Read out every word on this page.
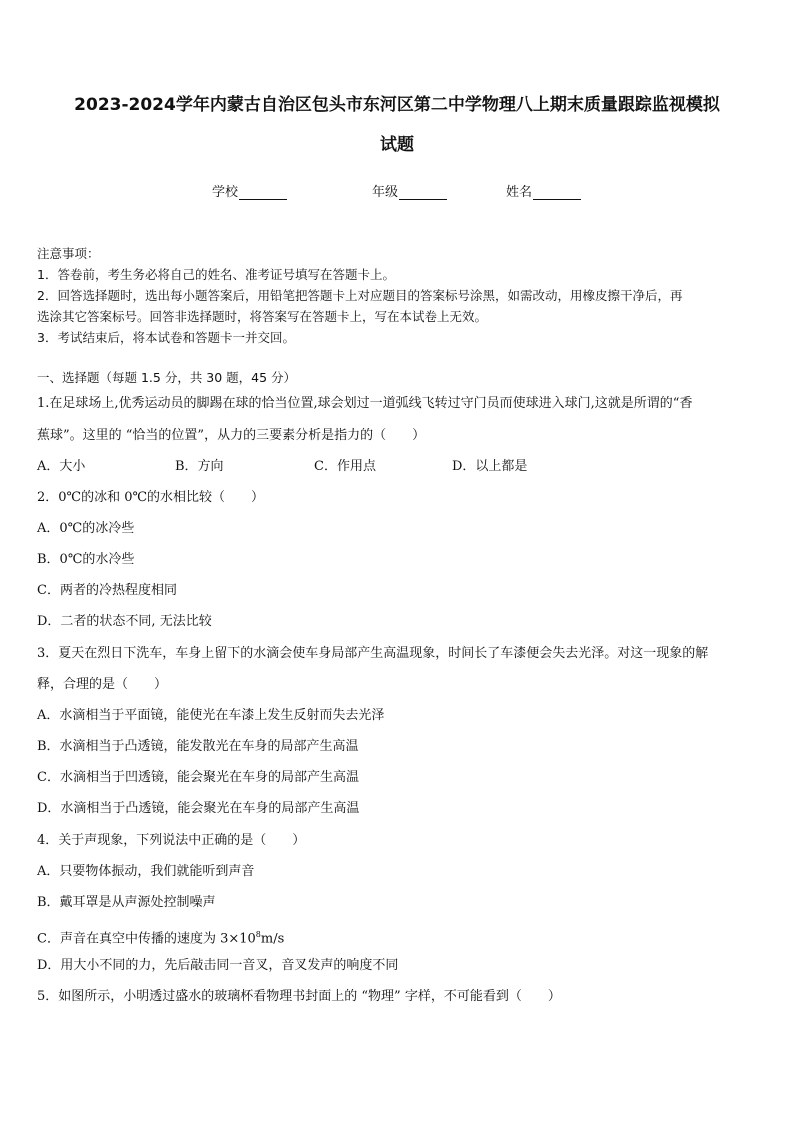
2023-2024学年内蒙古自治区包头市东河区第二中学物理八上期末质量跟踪监视模拟
试题
学校	年级	姓名
注意事项：
1．答卷前，考生务必将自己的姓名、准考证号填写在答题卡上。
2．回答选择题时，选出每小题答案后，用铅笔把答题卡上对应题目的答案标号涂黑，如需改动，用橡皮擦干净后，再
选涂其它答案标号。回答非选择题时，将答案写在答题卡上，写在本试卷上无效。
3．考试结束后，将本试卷和答题卡一并交回。
一、选择题（每题 1.5 分，共 30 题，45 分）
1.在足球场上,优秀运动员的脚踢在球的恰当位置,球会划过一道弧线飞转过守门员而使球进入球门,这就是所谓的“香
蕉球”。这里的 “恰当的位置”，从力的三要素分析是指力的（　　）
A．大小	B．方向	C．作用点	D．以上都是
2．0℃的冰和 0℃的水相比较（　　）
A．0℃的冰冷些
B．0℃的水冷些
C．两者的冷热程度相同
D．二者的状态不同, 无法比较
3．夏天在烈日下洗车，车身上留下的水滴会使车身局部产生高温现象，时间长了车漆便会失去光泽。对这一现象的解
释，合理的是（　　）
A．水滴相当于平面镜，能使光在车漆上发生反射而失去光泽
B．水滴相当于凸透镜，能发散光在车身的局部产生高温
C．水滴相当于凹透镜，能会聚光在车身的局部产生高温
D．水滴相当于凸透镜，能会聚光在车身的局部产生高温
4．关于声现象，下列说法中正确的是（　　）
A．只要物体振动，我们就能听到声音
B．戴耳罩是从声源处控制噪声
C．声音在真空中传播的速度为 $3\times 10^8m/s$
D．用大小不同的力，先后敲击同一音叉，音叉发声的响度不同
5．如图所示，小明透过盛水的玻璃杯看物理书封面上的 “物理” 字样，不可能看到（　　）
